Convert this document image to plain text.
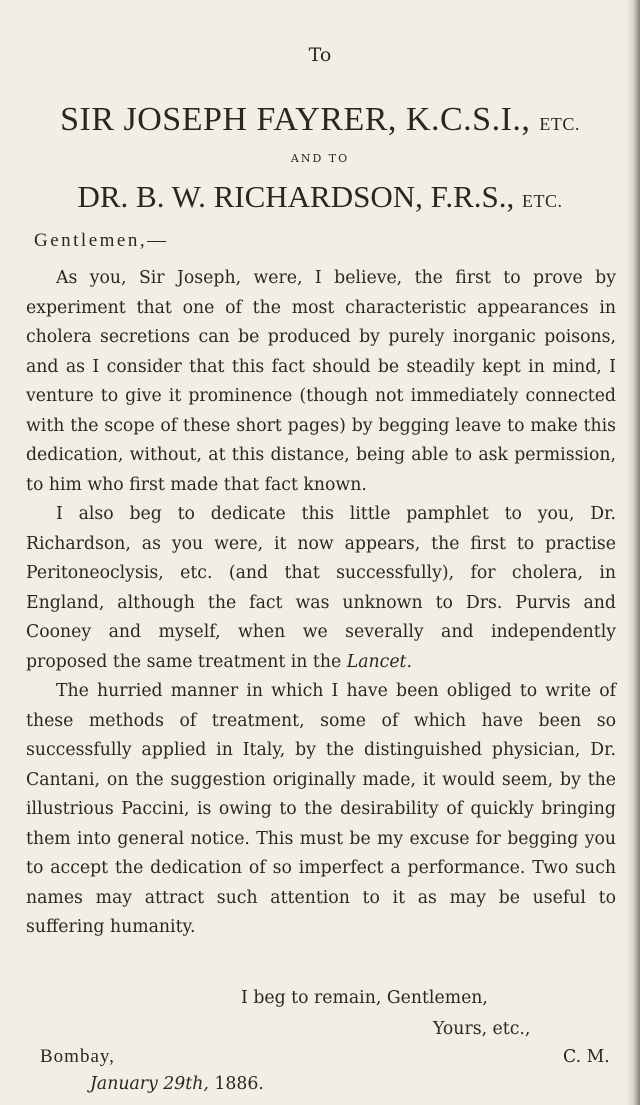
To
SIR JOSEPH FAYRER, K.C.S.I., ETC.
AND TO
DR. B. W. RICHARDSON, F.R.S., ETC.
Gentlemen,—

As you, Sir Joseph, were, I believe, the first to prove by experiment that one of the most characteristic appearances in cholera secretions can be produced by purely inorganic poisons, and as I consider that this fact should be steadily kept in mind, I venture to give it prominence (though not immediately connected with the scope of these short pages) by begging leave to make this dedication, without, at this distance, being able to ask permission, to him who first made that fact known.

I also beg to dedicate this little pamphlet to you, Dr. Richardson, as you were, it now appears, the first to practise Peritoneoclysis, etc. (and that successfully), for cholera, in England, although the fact was unknown to Drs. Purvis and Cooney and myself, when we severally and independently proposed the same treatment in the Lancet.

The hurried manner in which I have been obliged to write of these methods of treatment, some of which have been so successfully applied in Italy, by the distinguished physician, Dr. Cantani, on the suggestion originally made, it would seem, by the illustrious Paccini, is owing to the desirability of quickly bringing them into general notice. This must be my excuse for begging you to accept the dedication of so imperfect a performance. Two such names may attract such attention to it as may be useful to suffering humanity.

I beg to remain, Gentlemen,
Yours, etc.,
Bombay,	C. M.
January 29th, 1886.
